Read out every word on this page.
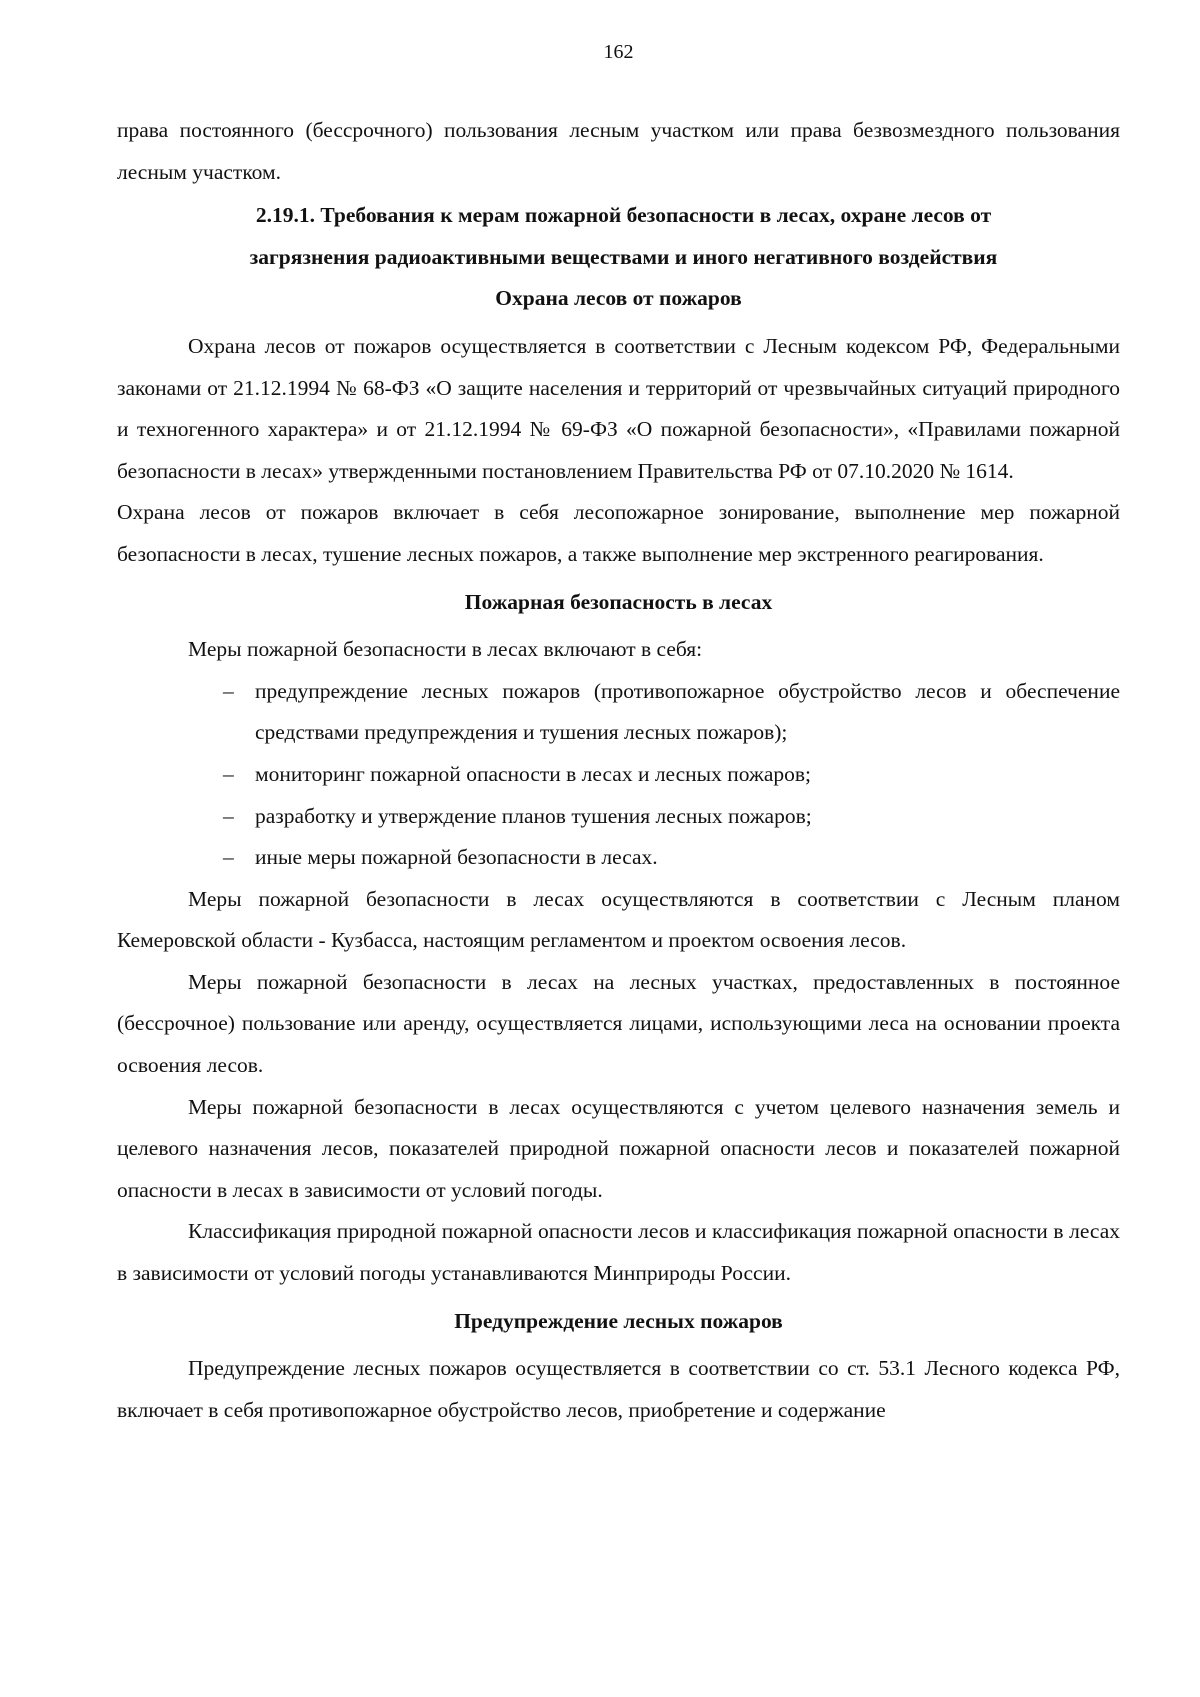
162

права постоянного (бессрочного) пользования лесным участком или права безвозмездного пользования лесным участком.

2.19.1. Требования к мерам пожарной безопасности в лесах, охране лесов от
загрязнения радиоактивными веществами и иного негативного воздействия
Охрана лесов от пожаров

Охрана лесов от пожаров осуществляется в соответствии с Лесным кодексом РФ, Федеральными законами от 21.12.1994 № 68-ФЗ «О защите населения и территорий от чрезвычайных ситуаций природного и техногенного характера» и от 21.12.1994 № 69-ФЗ «О пожарной безопасности», «Правилами пожарной безопасности в лесах» утвержденными постановлением Правительства РФ от 07.10.2020 № 1614.

Охрана лесов от пожаров включает в себя лесопожарное зонирование, выполнение мер пожарной безопасности в лесах, тушение лесных пожаров, а также выполнение мер экстренного реагирования.

Пожарная безопасность в лесах

Меры пожарной безопасности в лесах включают в себя:

– предупреждение лесных пожаров (противопожарное обустройство лесов и обеспечение средствами предупреждения и тушения лесных пожаров);
– мониторинг пожарной опасности в лесах и лесных пожаров;
– разработку и утверждение планов тушения лесных пожаров;
– иные меры пожарной безопасности в лесах.

Меры пожарной безопасности в лесах осуществляются в соответствии с Лесным планом Кемеровской области - Кузбасса, настоящим регламентом и проектом освоения лесов.

Меры пожарной безопасности в лесах на лесных участках, предоставленных в постоянное (бессрочное) пользование или аренду, осуществляется лицами, использующими леса на основании проекта освоения лесов.

Меры пожарной безопасности в лесах осуществляются с учетом целевого назначения земель и целевого назначения лесов, показателей природной пожарной опасности лесов и показателей пожарной опасности в лесах в зависимости от условий погоды.

Классификация природной пожарной опасности лесов и классификация пожарной опасности в лесах в зависимости от условий погоды устанавливаются Минприроды России.

Предупреждение лесных пожаров

Предупреждение лесных пожаров осуществляется в соответствии со ст. 53.1 Лесного кодекса РФ, включает в себя противопожарное обустройство лесов, приобретение и содержание
